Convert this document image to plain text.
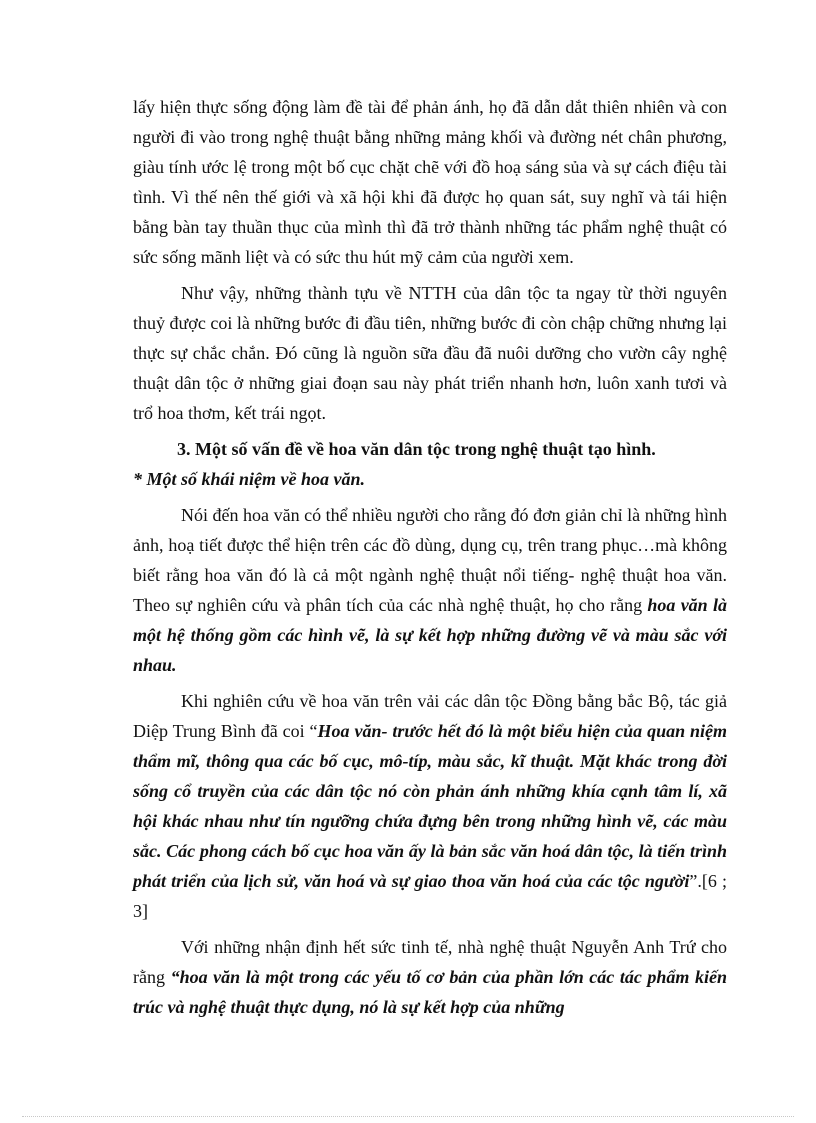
lấy hiện thực sống động làm đề tài để phản ánh, họ đã dẫn dắt thiên nhiên và con người đi vào trong nghệ thuật bằng những mảng khối và đường nét chân phương, giàu tính ước lệ trong một bố cục chặt chẽ với đồ hoạ sáng sủa và sự cách điệu tài tình. Vì thế nên thế giới và xã hội khi đã được họ quan sát, suy nghĩ và tái hiện bằng bàn tay thuần thục của mình thì đã trở thành những tác phẩm nghệ thuật có sức sống mãnh liệt và có sức thu hút mỹ cảm của người xem.

Như vậy, những thành tựu về NTTH của dân tộc ta ngay từ thời nguyên thuỷ được coi là những bước đi đầu tiên, những bước đi còn chập chững nhưng lại thực sự chắc chắn. Đó cũng là nguồn sữa đầu đã nuôi dưỡng cho vườn cây nghệ thuật dân tộc ở những giai đoạn sau này phát triển nhanh hơn, luôn xanh tươi và trổ hoa thơm, kết trái ngọt.

3. Một số vấn đề về hoa văn dân tộc trong nghệ thuật tạo hình.

* Một số khái niệm về hoa văn.

Nói đến hoa văn có thể nhiều người cho rằng đó đơn giản chỉ là những hình ảnh, hoạ tiết được thể hiện trên các đồ dùng, dụng cụ, trên trang phục…mà không biết rằng hoa văn đó là cả một ngành nghệ thuật nổi tiếng- nghệ thuật hoa văn. Theo sự nghiên cứu và phân tích của các nhà nghệ thuật, họ cho rằng hoa văn là một hệ thống gồm các hình vẽ, là sự kết hợp những đường vẽ và màu sắc với nhau.

Khi nghiên cứu về hoa văn trên vải các dân tộc Đồng bằng bắc Bộ, tác giả Diệp Trung Bình đã coi “Hoa văn- trước hết đó là một biểu hiện của quan niệm thẩm mĩ, thông qua các bố cục, mô-típ, màu sắc, kĩ thuật. Mặt khác trong đời sống cổ truyền của các dân tộc nó còn phản ánh những khía cạnh tâm lí, xã hội khác nhau như tín ngưỡng chứa đựng bên trong những hình vẽ, các màu sắc. Các phong cách bố cục hoa văn ấy là bản sắc văn hoá dân tộc, là tiến trình phát triển của lịch sử, văn hoá và sự giao thoa văn hoá của các tộc người”.[6 ; 3]

Với những nhận định hết sức tinh tế, nhà nghệ thuật Nguyễn Anh Trứ cho rằng “hoa văn là một trong các yếu tố cơ bản của phần lớn các tác phẩm kiến trúc và nghệ thuật thực dụng, nó là sự kết hợp của những
